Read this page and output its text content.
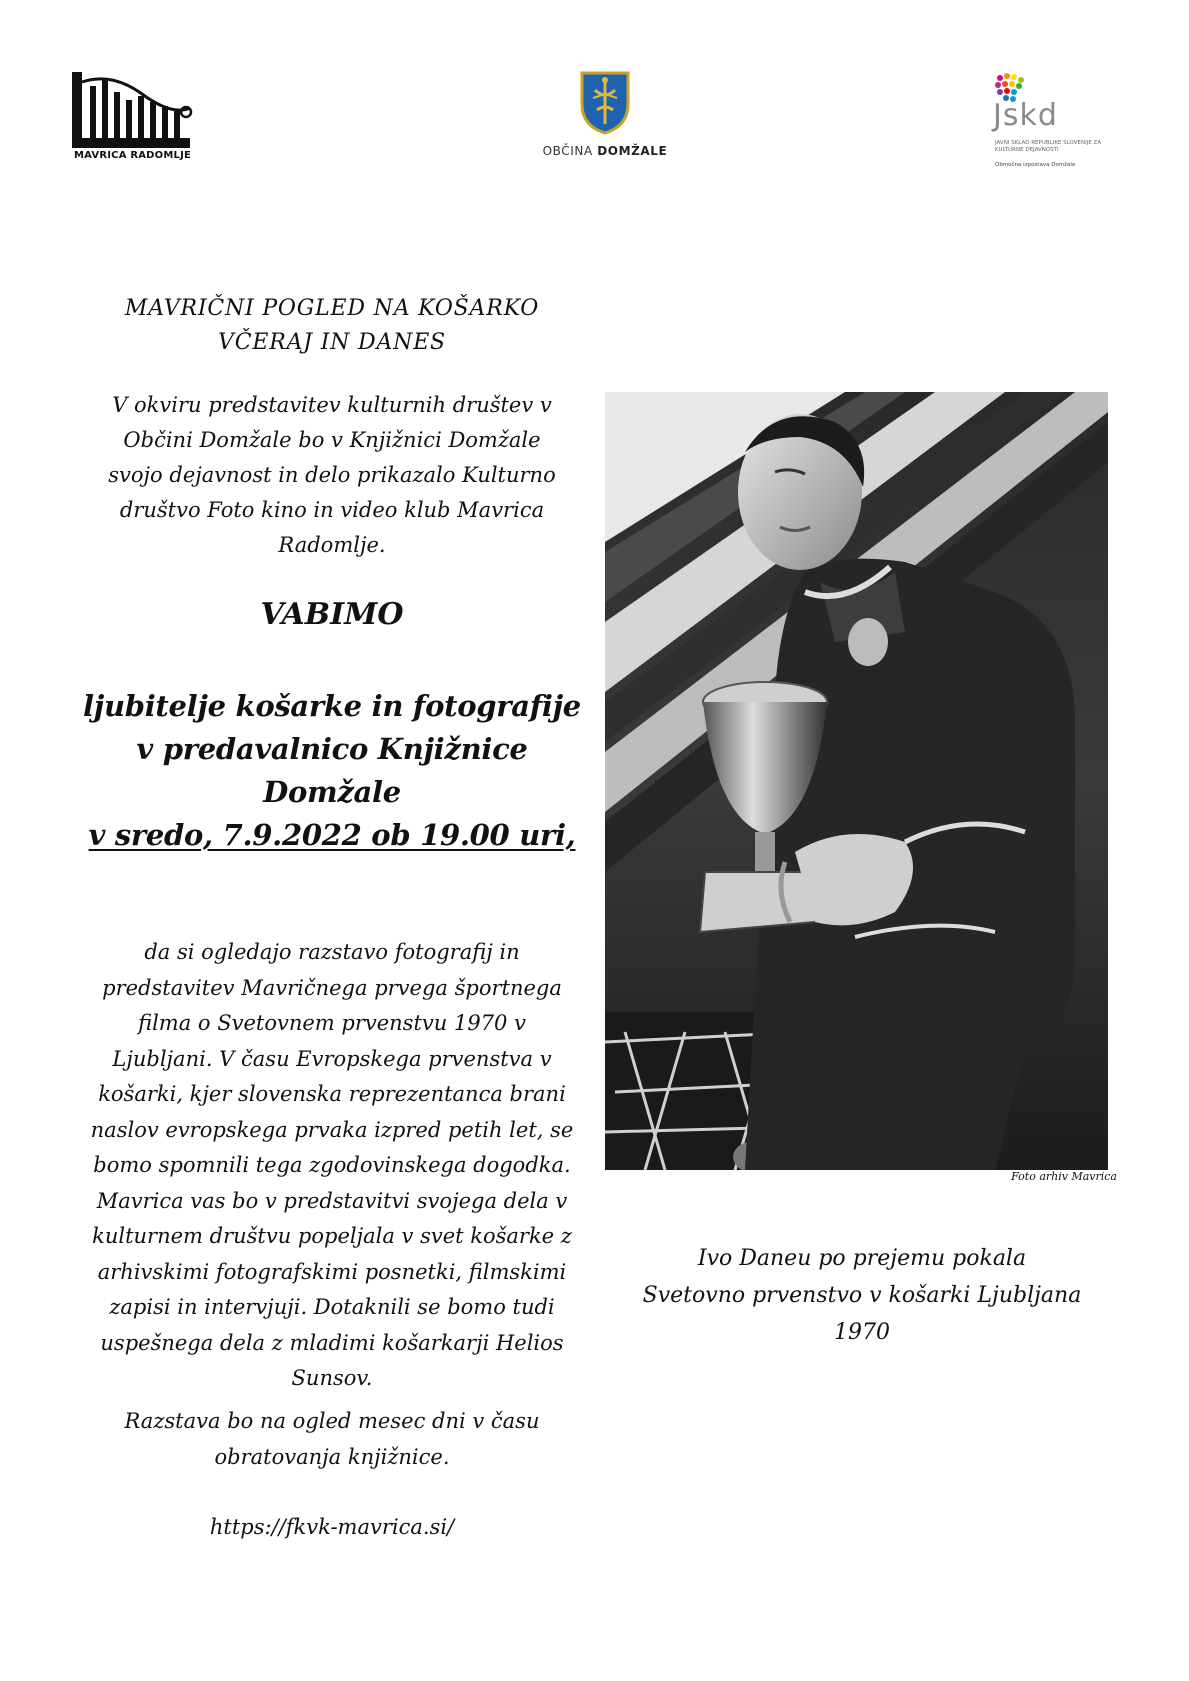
MAVRICA RADOMLJE	OBČINA DOMŽALE
Jskd
JAVNI SKLAD REPUBLIKE SLOVENIJE ZA KULTURNE DEJAVNOSTI
Območna izpostava Domžale
MAVRIČNI POGLED NA KOŠARKO
VČERAJ IN DANES
V okviru predstavitev kulturnih društev v
Občini Domžale bo v Knjižnici Domžale
svojo dejavnost in delo prikazalo Kulturno
društvo Foto kino in video klub Mavrica
Radomlje.
VABIMO
ljubitelje košarke in fotografije
v predavalnico Knjižnice
Domžale
v sredo, 7.9.2022 ob 19.00 uri,
da si ogledajo razstavo fotografij in
predstavitev Mavričnega prvega športnega
filma o Svetovnem prvenstvu 1970 v
Ljubljani. V času Evropskega prvenstva v
košarki, kjer slovenska reprezentanca brani
naslov evropskega prvaka izpred petih let, se
bomo spomnili tega zgodovinskega dogodka.
Mavrica vas bo v predstavitvi svojega dela v
kulturnem društvu popeljala v svet košarke z
arhivskimi fotografskimi posnetki, filmskimi
zapisi in intervjuji. Dotaknili se bomo tudi
uspešnega dela z mladimi košarkarji Helios
Sunsov.
Razstava bo na ogled mesec dni v času
obratovanja knjižnice.
https://fkvk-mavrica.si/
Foto arhiv Mavrica
Ivo Daneu po prejemu pokala
Svetovno prvenstvo v košarki Ljubljana
1970
